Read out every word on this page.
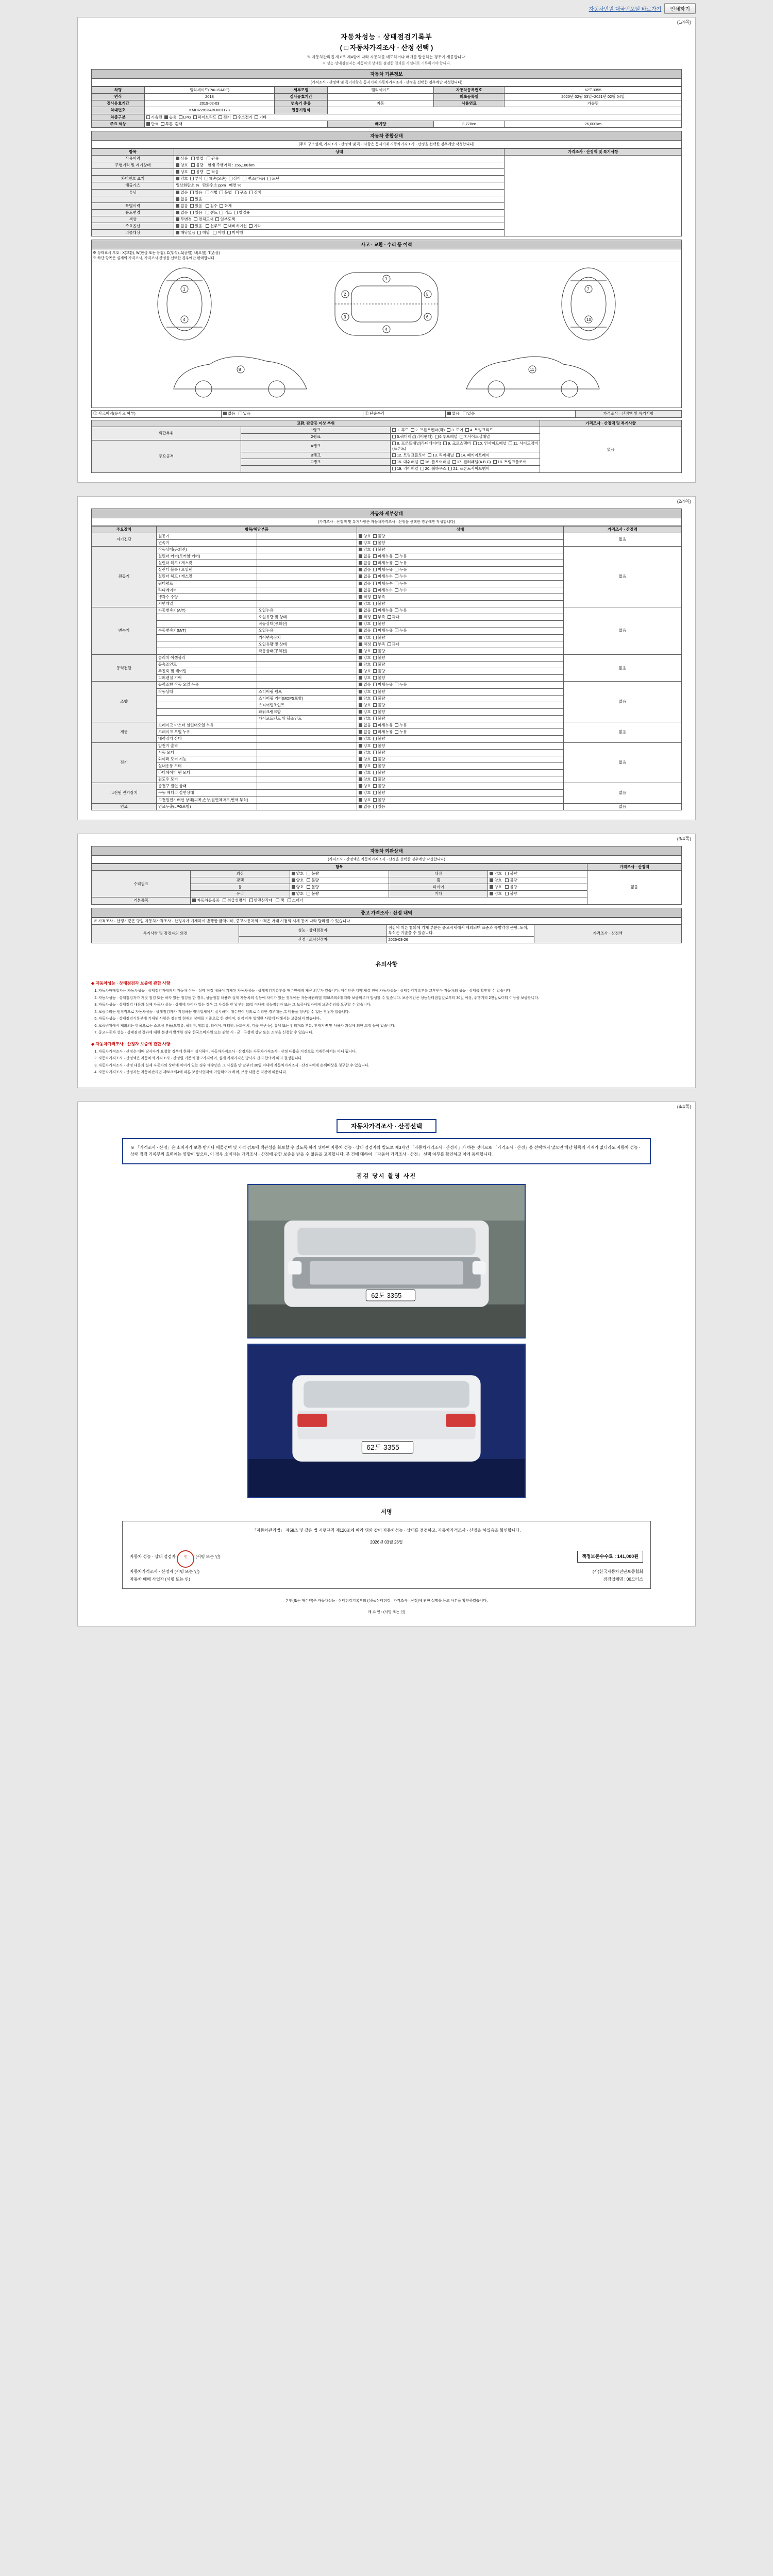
자동차민원 대국민포털 바로가기	인쇄하기
(1/4쪽)
자동차성능 · 상태점검기록부
( □ 자동차가격조사 · 산정 선택 )
※ 자동차관리법 제 8조 제4항에 따라 자동차를 매도하거나 매매를 알선하는 경우에 제공합니다.
※ 성능·상태점검자는 자동차의 상태를 점검한 결과를 사실대로 기록하여야 합니다.
자동차 기본정보
(가격조사 · 산정액 및 특기사항은 동시기재 자동차가격조사 · 산정을 선택한 경우에만 작성합니다)
차명	팰리세이드(PALISADE)	세부모델	팰리세이드	자동차등록번호	62도3355
연식	2018	검사유효기간		최초등록일	2020년 02월 03일~2021년 02월 04일
검사유효기간	2019-02-03	변속기 종류	자동	사용연료	가솔린
차대번호	KMHR2813ABU001178	원동기형식			
차종구분	가솔린 승용 LPG 하이브리드 전기 수소전기 기타				
주요 색상	단색 투톤 흰색		배기량	3,778cc	26,000km
자동차 종합상태
(주요 구조설계, 가격조사 · 산정액 및 특기사항은 동시기재 자동차가격조사 · 산정을 선택한 경우에만 작성합니다)
항목	상태	가격조사 · 산정액 및 특기사항
사용이력	상용 영업 관용	
주행거리 및 계기상태	양호 불량 현재 주행거리 : 156,100 km	
	양호 불량 적음	
차대번호 표기	양호 부식 훼손(오손) 상이 변조(타공) 도난	
배출가스	일산화탄소 % 탄화수소 ppm 매연 %	
튜닝	없음 있음 적법 불법 구조 장치	
	없음 있음	
특별이력	없음 있음 침수 화재	
용도변경	없음 있음 렌트 리스 영업용	
색상	무변경 전체도색 일부도색	
주요옵션	없음 있음 선루프 내비게이션 기타	
리콜대상	해당없음 해당 이행 미이행	
사고 · 교환 · 수리 등 이력
※ 상태표시 부호 : X(교환), W(판금 또는 용접), C(부식), A(균열), U(요철), T(손상)
※ 하단 항목은 실제의 가격조사, 가격조사 산정을 선택한 경우에만 판매합니다.
1
4
1
4
2	5
3	6
7
10
8	11
① 사고이력(유사고 여부)	없음 있음	② 단순수리	없음 있음	가격조사 · 산정액 및 특기사항
교환, 판금등 이상 부위			가격조사 · 산정액 및 특기사항
외판부위	1랭크	1. 후드 2. 프론트펜더(좌) 3. 도어 4. 트렁크리드	없음
	2랭크	5.쿼터패널(리어펜더) 6.루프패널 7.사이드실패널	
주요골격	A랭크	8. 프론트패널(라디에이터) 9. 크로스멤버 10. 인사이드패널 11. 사이드멤버(프론트)	
	B랭크	12. 트렁크플로어 13. 리어패널 14. 패키지트레이	
	C랭크	15. 대쉬패널 16. 플로어패널 17. 필러패널(A B C) 18. 트렁크플로어	
		19. 리어패널 20. 휠하우스 21. 프론트사이드멤버	
(2/4쪽)
자동차 세부상태
(가격조사 · 산정액 및 특기사항은 자동차가격조사 · 산정을 선택한 경우에만 작성합니다)
주요장치	항목/해당부품		상태	가격조사 · 산정액
자기진단	원동기		양호 불량	없음
	변속기		양호 불량	
원동기	작동상태(공회전)		양호 불량	없음
	실린더 커버(로커암 커버)		없음 미세누유 누유	
	실린더 헤드 / 개스킷		없음 미세누유 누유	
	실린더 블록 / 오일팬		없음 미세누유 누유	
	실린더 헤드 / 개스킷		없음 미세누수 누수	
	워터펌프		없음 미세누수 누수	
	라디에이터		없음 미세누수 누수	
	냉각수 수량		적정 부족	
	커먼레일		양호 불량	
변속기	자동변속기(A/T)	오일누유	없음 미세누유 누유	없음
		오일유량 및 상태	적정 부족 과다	
		작동상태(공회전)	양호 불량	
	수동변속기(M/T)	오일누유	없음 미세누유 누유	
		기어변속장치	양호 불량	
		오일유량 및 상태	적정 부족 과다	
		작동상태(공회전)	양호 불량	
동력전달	클러치 어셈블리		양호 불량	없음
	등속조인트		양호 불량	
	추진축 및 베어링		양호 불량	
	디퍼렌셜 기어		양호 불량	
조향	동력조향 작동 오일 누유		없음 미세누유 누유	없음
	작동상태	스티어링 펌프	양호 불량	
		스티어링 기어(MDPS포함)	양호 불량	
		스티어링조인트	양호 불량	
		파워크랭크암	양호 불량	
		타이로드엔드 및 볼조인트	양호 불량	
제동	브레이크 마스터 실린더오일 누유		없음 미세누유 누유	없음
	브레이크 오일 누유		없음 미세누유 누유	
	배력장치 상태		양호 불량	
전기	발전기 출력		양호 불량	없음
	시동 모터		양호 불량	
	와이퍼 모터 기능		양호 불량	
	실내송풍 모터		양호 불량	
	라디에이터 팬 모터		양호 불량	
	윈도우 모터		양호 불량	
고전원 전기장치	충전구 절연 상태		양호 불량	없음
	구동 배터리 절연상태		양호 불량	
	고전원전기배선 상태(피복,손상,절연체마모,변색,부식)		양호 불량	
연료	연료누출(LPG포함)		없음 있음	없음
(3/4쪽)
자동차 외관상태
(가격조사 · 산정액은 자동차가격조사 · 산정을 선택한 경우에만 작성합니다)
항목					가격조사 · 산정액
수리필요	외장	양호 불량	내장	양호 불량	없음
	광택	양호 불량	휠	양호 불량	
	룸	양호 불량	타이어	양호 불량	
	유리	양호 불량	기타	양호 불량	
기본품목	자동차등록증 취급설명서 안전삼각대 잭 스패너				
중고 가격조사 · 산정 내역
※ 가격조사 · 산정기준은 당일 자동차가격조사 · 산정자가 기재하여 발행한 금액이며, 중고자동차의 가격은 거래 시점의 시세 등에 따라 달라질 수 있습니다.			
특기사항 및 점검자의 의견	성능 · 상태점검자	점검에 따른 협의에 기재 부분은 중고시세에서 제외되며 표준과 특별약정 문항, 도색, 부식은 기술을 수 있습니다.	가격조사 · 산정액
	산정 · 조사선정자	2026-03-26	
유의사항
◈ 자동차성능 · 상태점검자 보증에 관한 사항
1. 자동차매매업자는 자동차성능 · 상태점검자에게서 자동차 성능 · 상태 점검 내용이 기재된 자동차성능 · 상태점검기록부를 매수인에게 제공 의무가 있습니다. 매수인은 계약 체결 전에 자동차성능 · 상태점검기록부를 교부받아 자동차의 성능 · 상태를 확인할 수 있습니다.
2. 자동차성능 · 상태점검자가 거짓 점검 또는 하자 있는 점검을 한 경우, 성능점검 내용과 실제 자동차의 성능에 차이가 있는 경우에는 자동차관리법 제58조의4에 따라 보증의무가 발생할 수 있습니다. 보증기간은 성능상태점검일로부터 30일 이상, 주행거리 2천킬로미터 이상을 보증합니다.
3. 자동차성능 · 상태점검 내용과 실제 자동차 성능 · 상태에 차이가 있는 경우 그 사실을 안 날부터 30일 이내에 성능점검자 또는 그 보증사업자에게 보증수리를 요구할 수 있습니다.
4. 보증수리는 원칙적으로 자동차성능 · 상태점검자가 지정하는 정비업체에서 실시하며, 매수인이 임의로 수리한 경우에는 그 비용을 청구할 수 없는 경우가 있습니다.
5. 자동차성능 · 상태점검기록부에 기재된 사항은 점검일 현재의 상태를 기준으로 한 것이며, 점검 이후 발생한 사항에 대해서는 보증되지 않습니다.
6. 보증범위에서 제외되는 항목으로는 소모성 부품(오일류, 필터류, 벨트류, 타이어, 배터리, 등화장치, 각종 전구 등), 튜닝 또는 임의개조 부분, 천재지변 및 사용자 과실에 의한 고장 등이 있습니다.
7. 중고자동차 성능 · 상태점검 결과에 대한 분쟁이 발생한 경우 한국소비자원 또는 관할 시 · 군 · 구청에 상담 또는 조정을 신청할 수 있습니다.
◈ 자동차가격조사 · 산정자 보증에 관한 사항
1. 자동차가격조사 · 산정은 매매 당사자가 요청할 경우에 한하여 실시하며, 자동차가격조사 · 산정자는 자동차가격조사 · 산정 내용을 거짓으로 기재하여서는 아니 됩니다.
2. 자동차가격조사 · 산정액은 자동차의 가격조사 · 산정일 기준의 참고가격이며, 실제 거래가격은 당사자 간의 합의에 따라 결정됩니다.
3. 자동차가격조사 · 산정 내용과 실제 자동차의 상태에 차이가 있는 경우 매수인은 그 사실을 안 날부터 30일 이내에 자동차가격조사 · 산정자에게 손해배상을 청구할 수 있습니다.
4. 자동차가격조사 · 산정자는 자동차관리법 제58조의4에 따른 보증사업자에 가입하여야 하며, 보증 내용은 약관에 따릅니다.
(4/4쪽)
자동차가격조사 · 산정선택
※ 「가격조사 · 산정」은 소비자가 보증 받거나 매물선택 및 가격 검토에 객관성을 확보할 수 있도록 하기 위하여 자동차 성능 · 상태 점검자와 별도로 제3자인 「자동차가격조사 · 산정자」가 하는 것이므로 「가격조사 · 산정」을 선택하지 않으면 해당 항목의 기재가 없더라도 자동차 성능 · 상태 점검 기록부의 효력에는 영향이 없으며, 이 경우 소비자는 가격조사 · 산정에 관한 보증을 받을 수 없음을 고지합니다. 본 건에 대하여 「자동차 가격조사 · 산정」 선택 여부를 확인하고 이에 동의합니다.
점검 당시 촬영 사진
62도 3355
62도 3355
서명
「자동차관리법」 제58조 및 같은 법 시행규칙 제120조에 따라 위와 같이 자동차성능 · 상태를 점검하고, 자동차가격조사 · 산정을 하였음을 확인합니다.
2026년 03월 26일
자동차 성능 · 상태 점검자 인 (서명 또는 인)
자동차가격조사 · 산정자 (서명 또는 인)
자동차 매매 사업자 (서명 또는 인)
책정보존수수료 : 141,000원
(사)한국자동차진단보증협회
점검업체명 : 00모터스
본인(또는 매수인)은 자동차성능 · 상태점검기록부의 (성능/상태점검 · 가격조사 · 산정)에 관한 설명을 듣고 사본을 확인하였습니다.
매 수 인 : (서명 또는 인)
